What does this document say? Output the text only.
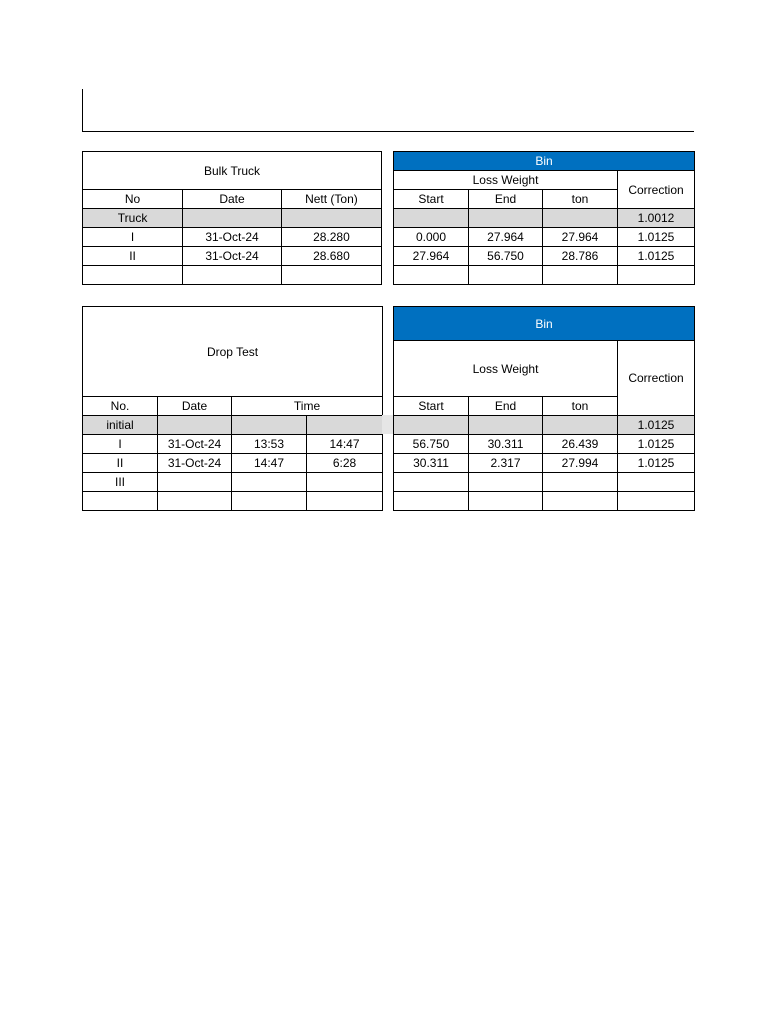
Bulk Truck		
No	Date	Nett (Ton)
Truck		
I	31-Oct-24	28.280
II	31-Oct-24	28.680

Bin			
Loss Weight			Correction
Start	End	ton	
			1.0012
0.000	27.964	27.964	1.0125
27.964	56.750	28.786	1.0125

Drop Test			
No.	Date	Time	
initial			
I	31-Oct-24	13:53	14:47
II	31-Oct-24	14:47	6:28
III			

Bin			
Loss Weight			Correction
Start	End	ton	
			1.0125
56.750	30.311	26.439	1.0125
30.311	2.317	27.994	1.0125
